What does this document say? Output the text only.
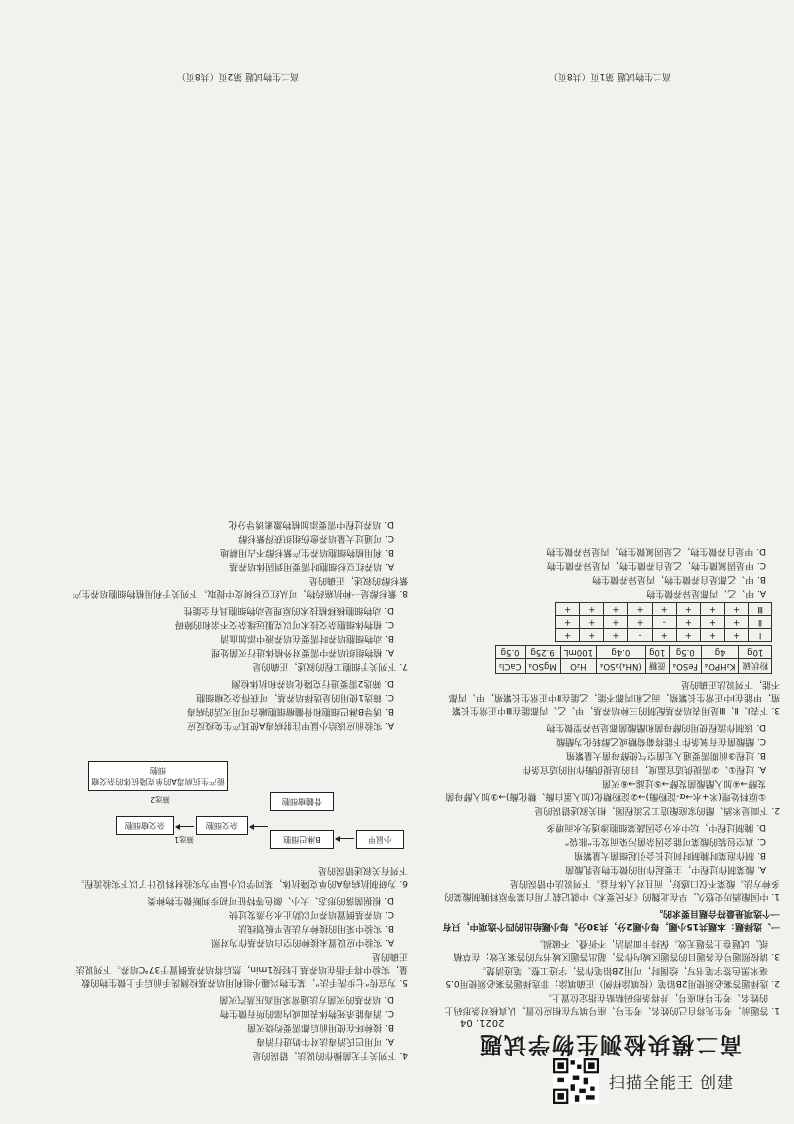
高二模块检测生物学试题
2021. 04
1. 答题前，考生先将自己的姓名、考生号、座号填写在相应位置，认真核对条形码上的姓名、考生号和座号，并将条形码粘贴在指定位置上。
2. 选择题答案必须使用2B铅笔（按填涂样例）正确填涂；非选择题答案必须使用0.5毫米黑色签字笔书写，绘图时，可用2B铅笔作答，字迹工整、笔迹清楚。
3. 请按照题号在各题目的答题区域内作答，超出答题区域书写的答案无效；在草稿纸、试题卷上答题无效。保持卡面清洁，不折叠、不破损。
一、选择题：本题共15小题，每小题2分，共30分。每小题给出的四个选项中，只有一个选项是最符合题目要求的。
1. 中国酿酒历史悠久，早在北魏的《齐民要术》中就记载了用白菜等原料腌制酸菜的多种方法。酸菜不仅口感好，而且对人体有益。下列说法中错误的是
A. 酸菜制作过程中，主要起作用的微生物是乳酸菌
B. 制作泡菜时腌制时间过长会引起细菌大量繁殖
C. 真空包装的酸菜可能会因杂菌污染而发生“胀袋”
D. 腌制过程中，坛中水分会因蔬菜细胞渗透失水而增多
2. 下面是米酒、醋的家庭酿造工艺流程图，相关叙述错误的是
①原料处理(米+水→α-淀粉酶)→②淀粉糖化(加入蛋白酶、糖化酶)→③加入酵母菌发酵→④加入醋酸菌发酵→⑤过滤→⑥灭菌
A. 过程①、②需提供适宜温度，目的是提供酶作用的适宜条件
B. 过程③前期需要通入无菌空气使酵母菌大量繁殖
C. 醋酸菌在有氧条件下能将葡萄糖或乙醇转化为醋酸
D. 该制作流程使用的酵母菌和醋酸菌都是异养型微生物
3. 下表Ⅰ、Ⅱ、Ⅲ是用表培养基配制的三种培养基，甲、乙、丙都能在Ⅲ中正常生长繁殖，甲能在Ⅰ中正常生长繁殖，而乙和丙都不能，乙能在Ⅱ中正常生长繁殖，甲、丙都不能，下列说法正确的是
粉状硫	K₂HPO₄	FeSO₄	蔗糖	(NH₄)₂SO₄	H₂O	MgSO₄	CaCl₂
10g	4g	0.5g	10g	0.4g	100mL	9.25g	0.5g
Ⅰ	+	+	+	+	-	+	+	+
Ⅱ	+	+	+	-	+	+	+	+
Ⅲ	+	+	+	+	+	+	+	+
A. 甲、乙、丙都是异养微生物
B. 甲、乙都是自养微生物，丙是异养微生物
C. 甲是固氮微生物，乙是自养微生物，丙是异养微生物
D. 甲是自养微生物，乙是固氮微生物，丙是异养微生物
高二生物试题 第1页（共8页）
4. 下列关于无菌操作的说法，错误的是
A. 可用巴氏消毒法对牛奶进行消毒
B. 接种环在使用前后都需要灼烧灭菌
C. 消毒能杀死物体表面或内部的所有微生物
D. 培养基的灭菌方法通常采用高压蒸汽灭菌
5. 为宣传“七步洗手法”，某生物兴趣小组利用培养基检测洗手前后手上微生物的数量，实验中将手指在培养基上轻按1min，然后将培养基倒置于37℃培养。下列说法正确的是
A. 实验中应设置未接种的空白培养基作为对照
B. 实验中采用的接种方法是平板划线法
C. 培养基倒置培养可以防止水分蒸发过快
D. 根据菌落的形态、大小、颜色等特征可初步判断微生物种类
6. 为研制抗病毒A的单克隆抗体，某同学以小鼠甲为实验材料设计了以下实验流程。下列有关叙述错误的是
小鼠甲
B淋巴细胞
骨髓瘤细胞
杂交细胞
筛选1
杂交瘤细胞
筛选2
能产生抗病毒A的单克隆抗体的杂交瘤细胞
A. 实验前应该给小鼠甲注射病毒A使其产生免疫反应
B. 诱导B淋巴细胞和骨髓瘤细胞融合可用灭活的病毒
C. 筛选1使用的是选择培养基，可获得杂交瘤细胞
D. 筛选2需要进行克隆化培养和抗体检测
7. 下列关于细胞工程的叙述，正确的是
A. 植物组织培养中需要对外植体进行灭菌处理
B. 动物细胞培养时需要在培养液中添加血清
C. 植物体细胞杂交技术可以克服远缘杂交不亲和的障碍
D. 动物细胞核移植技术的原理是动物细胞具有全能性
8. 紫杉醇是一种抗癌药物，可从红豆杉树皮中提取。下列关于利用植物细胞培养生产紫杉醇的叙述，正确的是
A. 培养红豆杉细胞时需要用到固体培养基
B. 利用植物细胞培养生产紫杉醇不占用耕地
C. 可通过大量培养愈伤组织获得紫杉醇
D. 培养过程中需要添加植物激素诱导分化
高二生物试题 第2页（共8页）
扫描全能王 创建
